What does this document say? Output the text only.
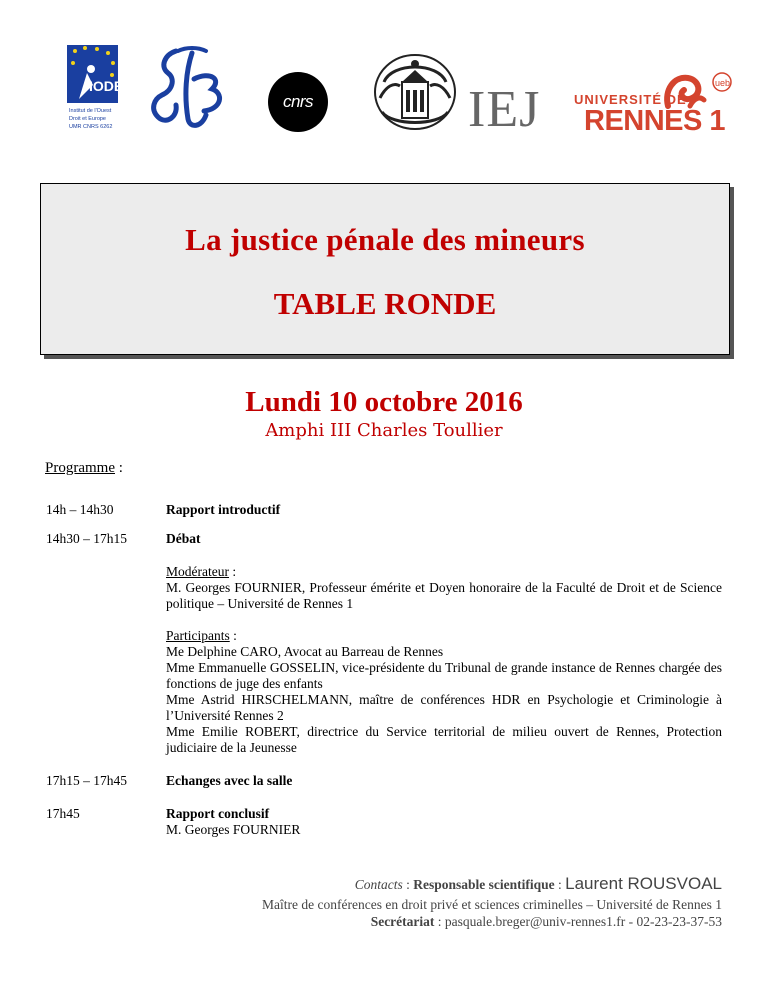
IODE
Institut de l'Ouest
Droit et Europe
UMR CNRS 6262
cnrs	IEJ	ueb
UNIVERSITÉ DE
RENNES 1
La justice pénale des mineurs
TABLE RONDE
Lundi 10 octobre 2016
Amphi III Charles Toullier
Programme :
14h – 14h30	Rapport introductif
14h30 – 17h15	Débat
Modérateur :
M. Georges FOURNIER, Professeur émérite et Doyen honoraire de la Faculté de Droit et de Science politique – Université de Rennes 1
Participants :
Me Delphine CARO, Avocat au Barreau de Rennes
Mme Emmanuelle GOSSELIN, vice-présidente du Tribunal de grande instance de Rennes chargée des fonctions de juge des enfants
Mme Astrid HIRSCHELMANN, maître de conférences HDR en Psychologie et Criminologie à l’Université Rennes 2
Mme Emilie ROBERT, directrice du Service territorial de milieu ouvert de Rennes, Protection judiciaire de la Jeunesse
17h15 – 17h45	Echanges avec la salle
17h45	Rapport conclusif
M. Georges FOURNIER
Contacts : Responsable scientifique : Laurent ROUSVOAL
Maître de conférences en droit privé et sciences criminelles – Université de Rennes 1
Secrétariat : pasquale.breger@univ-rennes1.fr - 02-23-23-37-53
